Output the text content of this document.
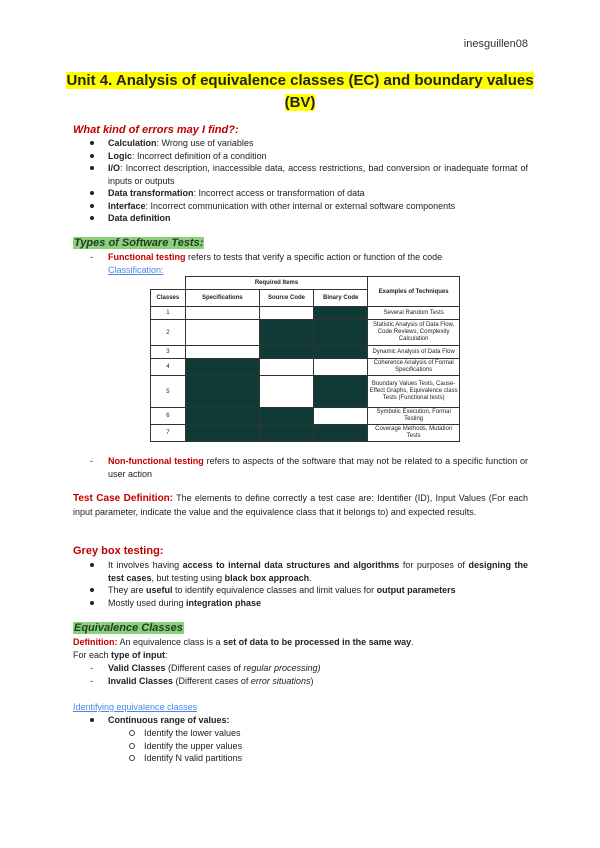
inesguillen08
Unit 4. Analysis of equivalence classes (EC) and boundary values (BV)
What kind of errors may I find?:
Calculation: Wrong use of variables
Logic: Incorrect definition of a condition
I/O: Incorrect description, inaccessible data, access restrictions, bad conversion or inadequate format of inputs or outputs
Data transformation: Incorrect access or transformation of data
Interface: Incorrect communication with other internal or external software components
Data definition
Types of Software Tests:
- Functional testing refers to tests that verify a specific action or function of the code
Classification:
	Required Items			Examples of Techniques
Classes	Specifications	Source Code	Binary Code	
1				Several Random Tests
2				Statistic Analysis of Data Flow, Code Reviews, Complexity Calculation
3				Dynamic Analysis of Data Flow
4				Coherence Analysis of Formal Specifications
5				Boundary Values Tests, Cause-Effect Graphs, Equivalence class Tests (Functional tests)
6				Symbolic Execution, Formal Testing
7				Coverage Methods, Mutation Tests
- Non-functional testing refers to aspects of the software that may not be related to a specific function or user action
Test Case Definition: The elements to define correctly a test case are: Identifier (ID), Input Values (For each input parameter, indicate the value and the equivalence class that it belongs to) and expected results.
Grey box testing:
It involves having access to internal data structures and algorithms for purposes of designing the test cases, but testing using black box approach.
They are useful to identify equivalence classes and limit values for output parameters
Mostly used during integration phase
Equivalence Classes
Definition: An equivalence class is a set of data to be processed in the same way.
For each type of input:
- Valid Classes (Different cases of regular processing)
- Invalid Classes (Different cases of error situations)
Identifying equivalence classes
Continuous range of values:
Identify the lower values
Identify the upper values
Identify N valid partitions
